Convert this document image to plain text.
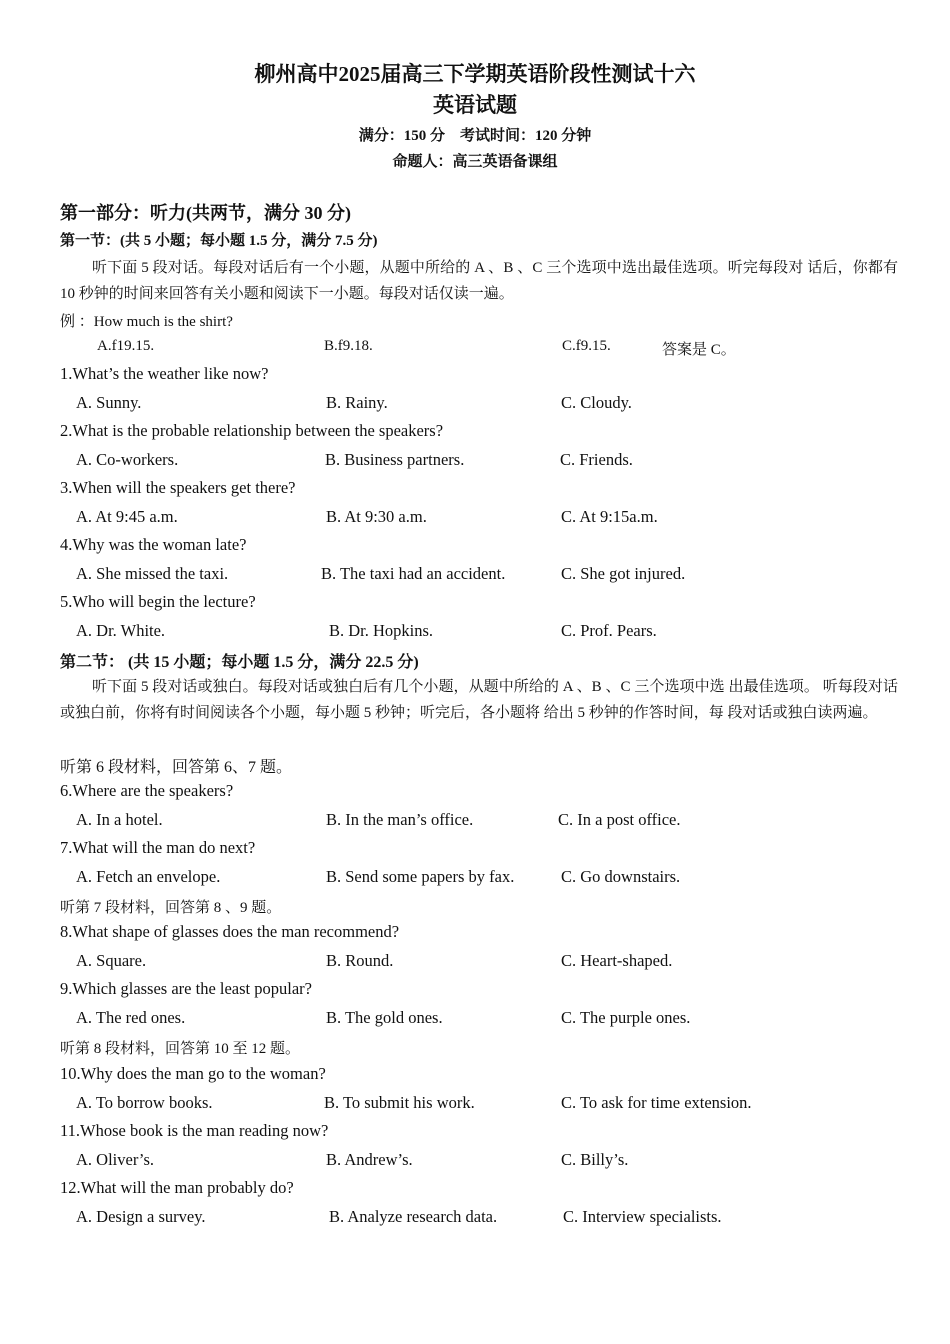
柳州高中2025届高三下学期英语阶段性测试十六
英语试题
满分：150 分　考试时间：120 分钟
命题人：高三英语备课组
第一部分：听力(共两节，满分 30 分)
第一节：(共 5 小题；每小题 1.5 分，满分 7.5 分)
听下面 5 段对话。每段对话后有一个小题，从题中所给的 A 、B 、C 三个选项中选出最佳选项。听完每段对 话后，你都有 10 秒钟的时间来回答有关小题和阅读下一小题。每段对话仅读一遍。
例 ：How much is the shirt?
A.f19.15.	B.f9.18.	C.f9.15.	答案是 C。
1.What’s the weather like now?
A. Sunny.	B. Rainy.	C. Cloudy.
2.What is the probable relationship between the speakers?
A. Co-workers.	B. Business partners.	C. Friends.
3.When will the speakers get there?
A. At 9:45 a.m.	B. At 9:30 a.m.	C. At 9:15a.m.
4.Why was the woman late?
A. She missed the taxi.	B. The taxi had an accident.	C. She got injured.
5.Who will begin the lecture?
A. Dr. White.	B. Dr. Hopkins.	C. Prof. Pears.
第二节： (共 15 小题；每小题 1.5 分，满分 22.5 分)
听下面 5 段对话或独白。每段对话或独白后有几个小题，从题中所给的 A 、B 、C 三个选项中选 出最佳选项。 听每段对话或独白前，你将有时间阅读各个小题，每小题 5 秒钟；听完后，各小题将 给出 5 秒钟的作答时间，每 段对话或独白读两遍。
听第 6 段材料，回答第 6、7 题。
6.Where are the speakers?
A. In a hotel.	B. In the man’s office.	C. In a post office.
7.What will the man do next?
A. Fetch an envelope.	B. Send some papers by fax.	C. Go downstairs.
听第 7 段材料，回答第 8 、9 题。
8.What shape of glasses does the man recommend?
A. Square.	B. Round.	C. Heart-shaped.
9.Which glasses are the least popular?
A. The red ones.	B. The gold ones.	C. The purple ones.
听第 8 段材料，回答第 10 至 12 题。
10.Why does the man go to the woman?
A. To borrow books.	B. To submit his work.	C. To ask for time extension.
11.Whose book is the man reading now?
A. Oliver’s.	B. Andrew’s.	C. Billy’s.
12.What will the man probably do?
A. Design a survey.	B. Analyze research data.	C. Interview specialists.
